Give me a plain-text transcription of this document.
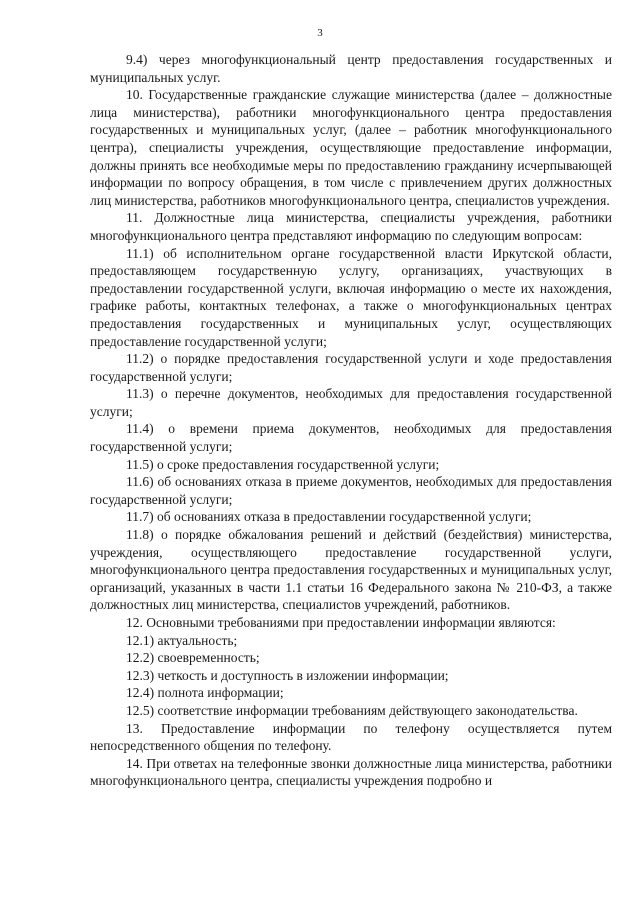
3

9.4) через многофункциональный центр предоставления государственных и муниципальных услуг.

10. Государственные гражданские служащие министерства (далее – должностные лица министерства), работники многофункционального центра предоставления государственных и муниципальных услуг, (далее – работник многофункционального центра), специалисты учреждения, осуществляющие предоставление информации, должны принять все необходимые меры по предоставлению гражданину исчерпывающей информации по вопросу обращения, в том числе с привлечением других должностных лиц министерства, работников многофункционального центра, специалистов учреждения.

11. Должностные лица министерства, специалисты учреждения, работники многофункционального центра представляют информацию по следующим вопросам:

11.1) об исполнительном органе государственной власти Иркутской области, предоставляющем государственную услугу, организациях, участвующих в предоставлении государственной услуги, включая информацию о месте их нахождения, графике работы, контактных телефонах, а также о многофункциональных центрах предоставления государственных и муниципальных услуг, осуществляющих предоставление государственной услуги;

11.2) о порядке предоставления государственной услуги и ходе предоставления государственной услуги;

11.3) о перечне документов, необходимых для предоставления государственной услуги;

11.4) о времени приема документов, необходимых для предоставления государственной услуги;

11.5) о сроке предоставления государственной услуги;

11.6) об основаниях отказа в приеме документов, необходимых для предоставления государственной услуги;

11.7) об основаниях отказа в предоставлении государственной услуги;

11.8) о порядке обжалования решений и действий (бездействия) министерства, учреждения, осуществляющего предоставление государственной услуги, многофункционального центра предоставления государственных и муниципальных услуг, организаций, указанных в части 1.1 статьи 16 Федерального закона № 210-ФЗ, а также должностных лиц министерства, специалистов учреждений, работников.

12. Основными требованиями при предоставлении информации являются:

12.1) актуальность;

12.2) своевременность;

12.3) четкость и доступность в изложении информации;

12.4) полнота информации;

12.5) соответствие информации требованиям действующего законодательства.

13. Предоставление информации по телефону осуществляется путем непосредственного общения по телефону.

14. При ответах на телефонные звонки должностные лица министерства, работники многофункционального центра, специалисты учреждения подробно и
